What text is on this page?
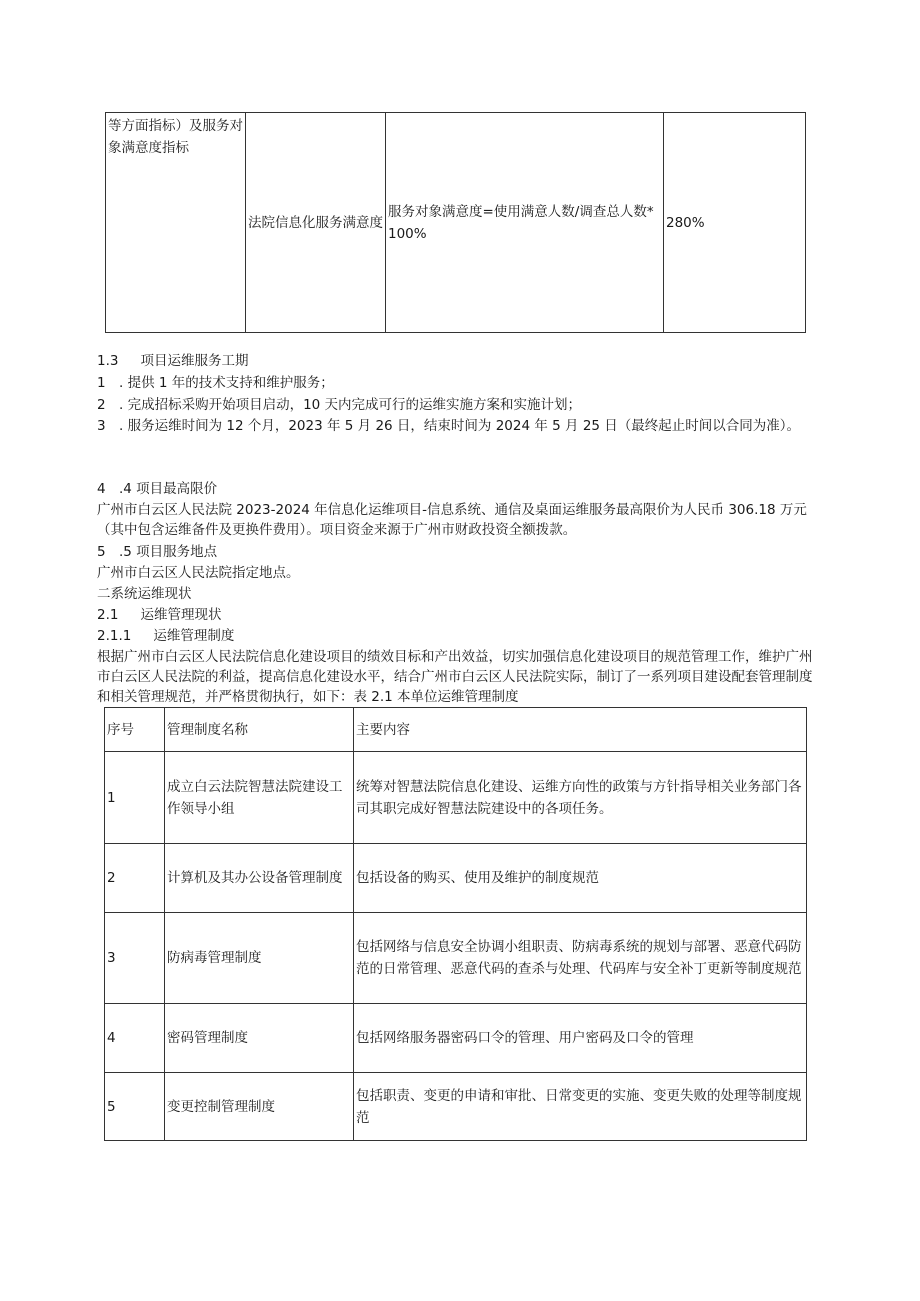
等方面指标）及服务对象满意度指标	法院信息化服务满意度	服务对象满意度=使用满意人数/调查总人数*100%	280%
1.3 项目运维服务工期
1 . 提供 1 年的技术支持和维护服务；
2 . 完成招标采购开始项目启动，10 天内完成可行的运维实施方案和实施计划；
3 . 服务运维时间为 12 个月，2023 年 5 月 26 日，结束时间为 2024 年 5 月 25 日（最终起止时间以合同为准）。
4 .4 项目最高限价
广州市白云区人民法院 2023-2024 年信息化运维项目-信息系统、通信及桌面运维服务最高限价为人民币 306.18 万元（其中包含运维备件及更换件费用）。项目资金来源于广州市财政投资全额拨款。
5 .5 项目服务地点
广州市白云区人民法院指定地点。
二系统运维现状
2.1 运维管理现状
2.1.1 运维管理制度
根据广州市白云区人民法院信息化建设项目的绩效目标和产出效益，切实加强信息化建设项目的规范管理工作，维护广州市白云区人民法院的利益，提高信息化建设水平，结合广州市白云区人民法院实际，制订了一系列项目建设配套管理制度和相关管理规范，并严格贯彻执行，如下：表 2.1 本单位运维管理制度
序号	管理制度名称	主要内容
1	成立白云法院智慧法院建设工作领导小组	统筹对智慧法院信息化建设、运维方向性的政策与方针指导相关业务部门各司其职完成好智慧法院建设中的各项任务。
2	计算机及其办公设备管理制度	包括设备的购买、使用及维护的制度规范
3	防病毒管理制度	包括网络与信息安全协调小组职责、防病毒系统的规划与部署、恶意代码防范的日常管理、恶意代码的查杀与处理、代码库与安全补丁更新等制度规范
4	密码管理制度	包括网络服务器密码口令的管理、用户密码及口令的管理
5	变更控制管理制度	包括职责、变更的申请和审批、日常变更的实施、变更失败的处理等制度规范
